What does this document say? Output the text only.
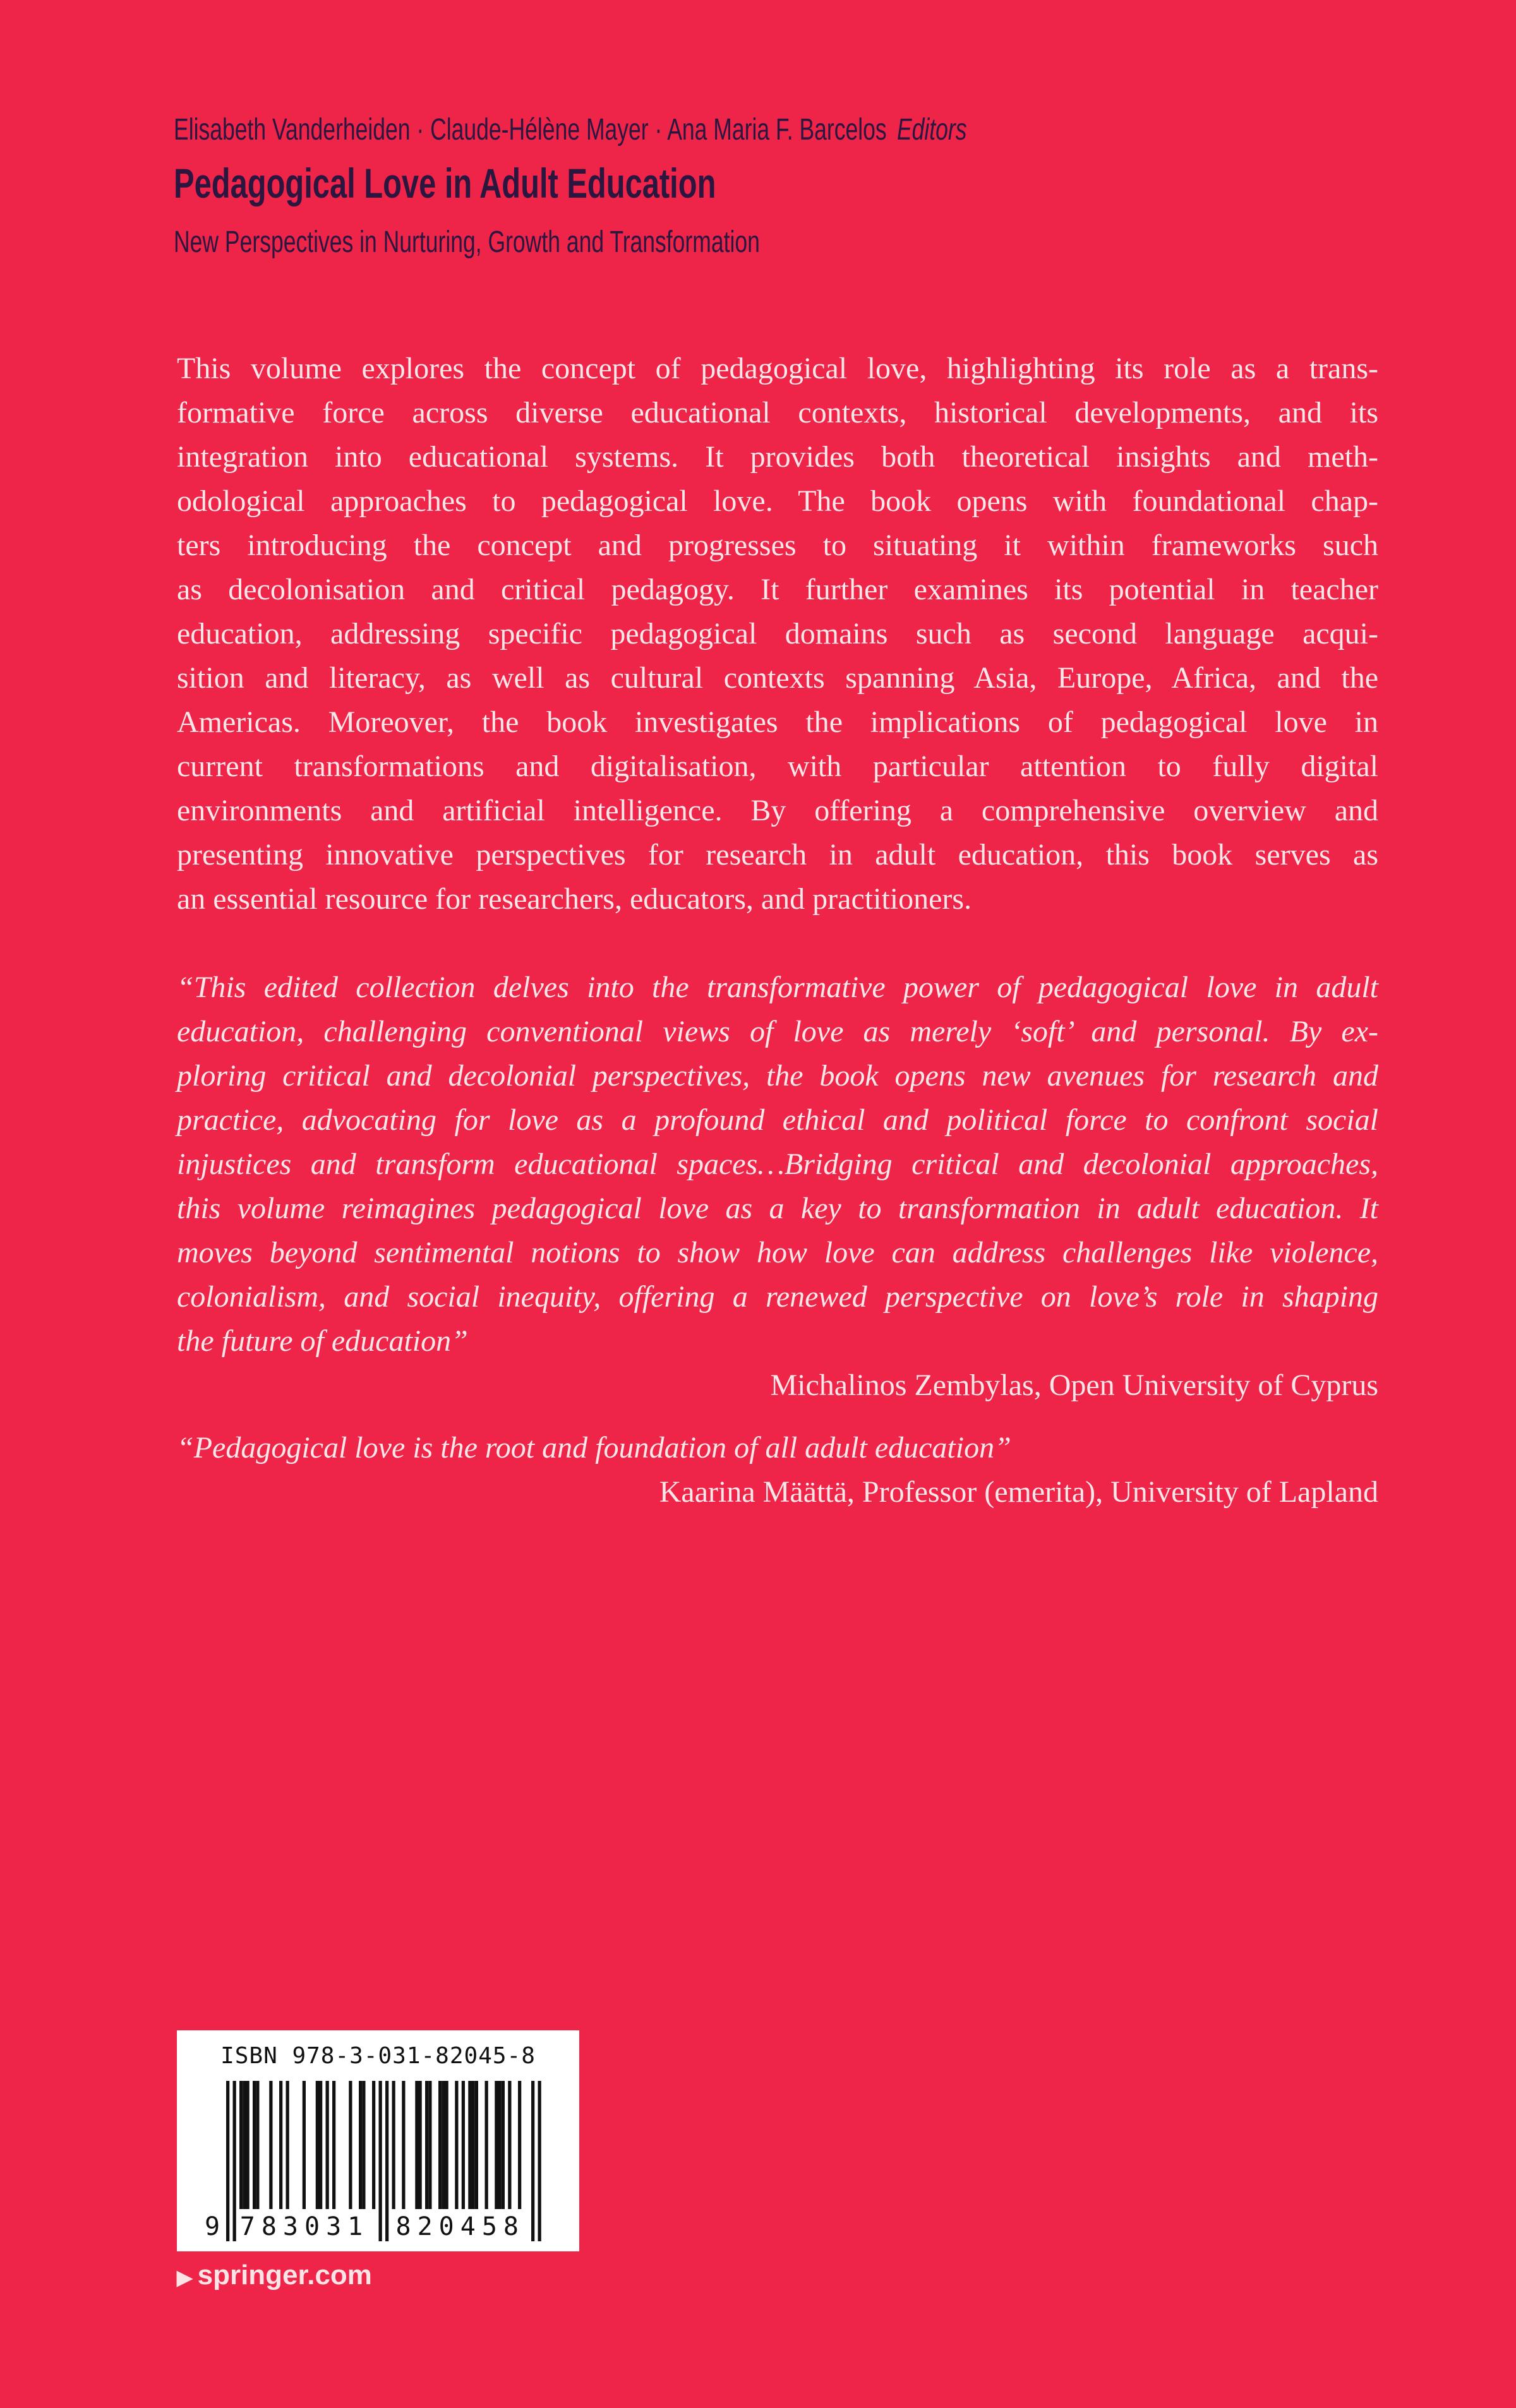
Elisabeth Vanderheiden · Claude-Hélène Mayer · Ana Maria F. Barcelos Editors
Pedagogical Love in Adult Education
New Perspectives in Nurturing, Growth and Transformation
This volume explores the concept of pedagogical love, highlighting its role as a trans-
formative force across diverse educational contexts, historical developments, and its
integration into educational systems. It provides both theoretical insights and meth-
odological approaches to pedagogical love. The book opens with foundational chap-
ters introducing the concept and progresses to situating it within frameworks such
as decolonisation and critical pedagogy. It further examines its potential in teacher
education, addressing specific pedagogical domains such as second language acqui-
sition and literacy, as well as cultural contexts spanning Asia, Europe, Africa, and the
Americas. Moreover, the book investigates the implications of pedagogical love in
current transformations and digitalisation, with particular attention to fully digital
environments and artificial intelligence. By offering a comprehensive overview and
presenting innovative perspectives for research in adult education, this book serves as
an essential resource for researchers, educators, and practitioners.
“This edited collection delves into the transformative power of pedagogical love in adult
education, challenging conventional views of love as merely ‘soft’ and personal. By ex-
ploring critical and decolonial perspectives, the book opens new avenues for research and
practice, advocating for love as a profound ethical and political force to confront social
injustices and transform educational spaces…Bridging critical and decolonial approaches,
this volume reimagines pedagogical love as a key to transformation in adult education. It
moves beyond sentimental notions to show how love can address challenges like violence,
colonialism, and social inequity, offering a renewed perspective on love’s role in shaping
the future of education”
Michalinos Zembylas, Open University of Cyprus
“Pedagogical love is the root and foundation of all adult education”
Kaarina Määttä, Professor (emerita), University of Lapland
ISBN 978-3-031-82045-8
9 783031 820458
▶ springer.com
